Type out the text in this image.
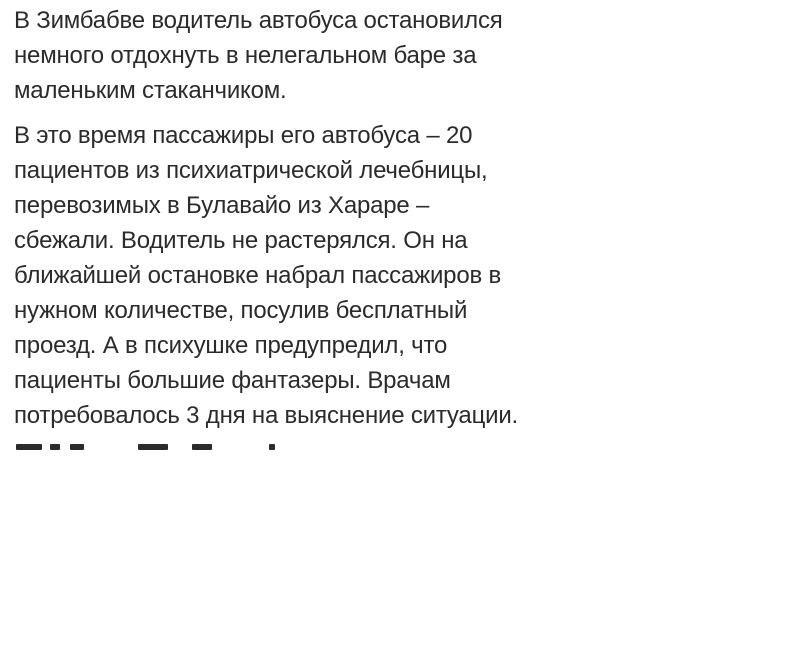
В Зимбабве водитель автобуса остановился
немного отдохнуть в нелегальном баре за
маленьким стаканчиком.

В это время пассажиры его автобуса – 20
пациентов из психиатрической лечебницы,
перевозимых в Булавайо из Хараре –
сбежали. Водитель не растерялся. Он на
ближайшей остановке набрал пассажиров в
нужном количестве, посулив бесплатный
проезд. А в психушке предупредил, что
пациенты большие фантазеры. Врачам
потребовалось 3 дня на выяснение ситуации.
